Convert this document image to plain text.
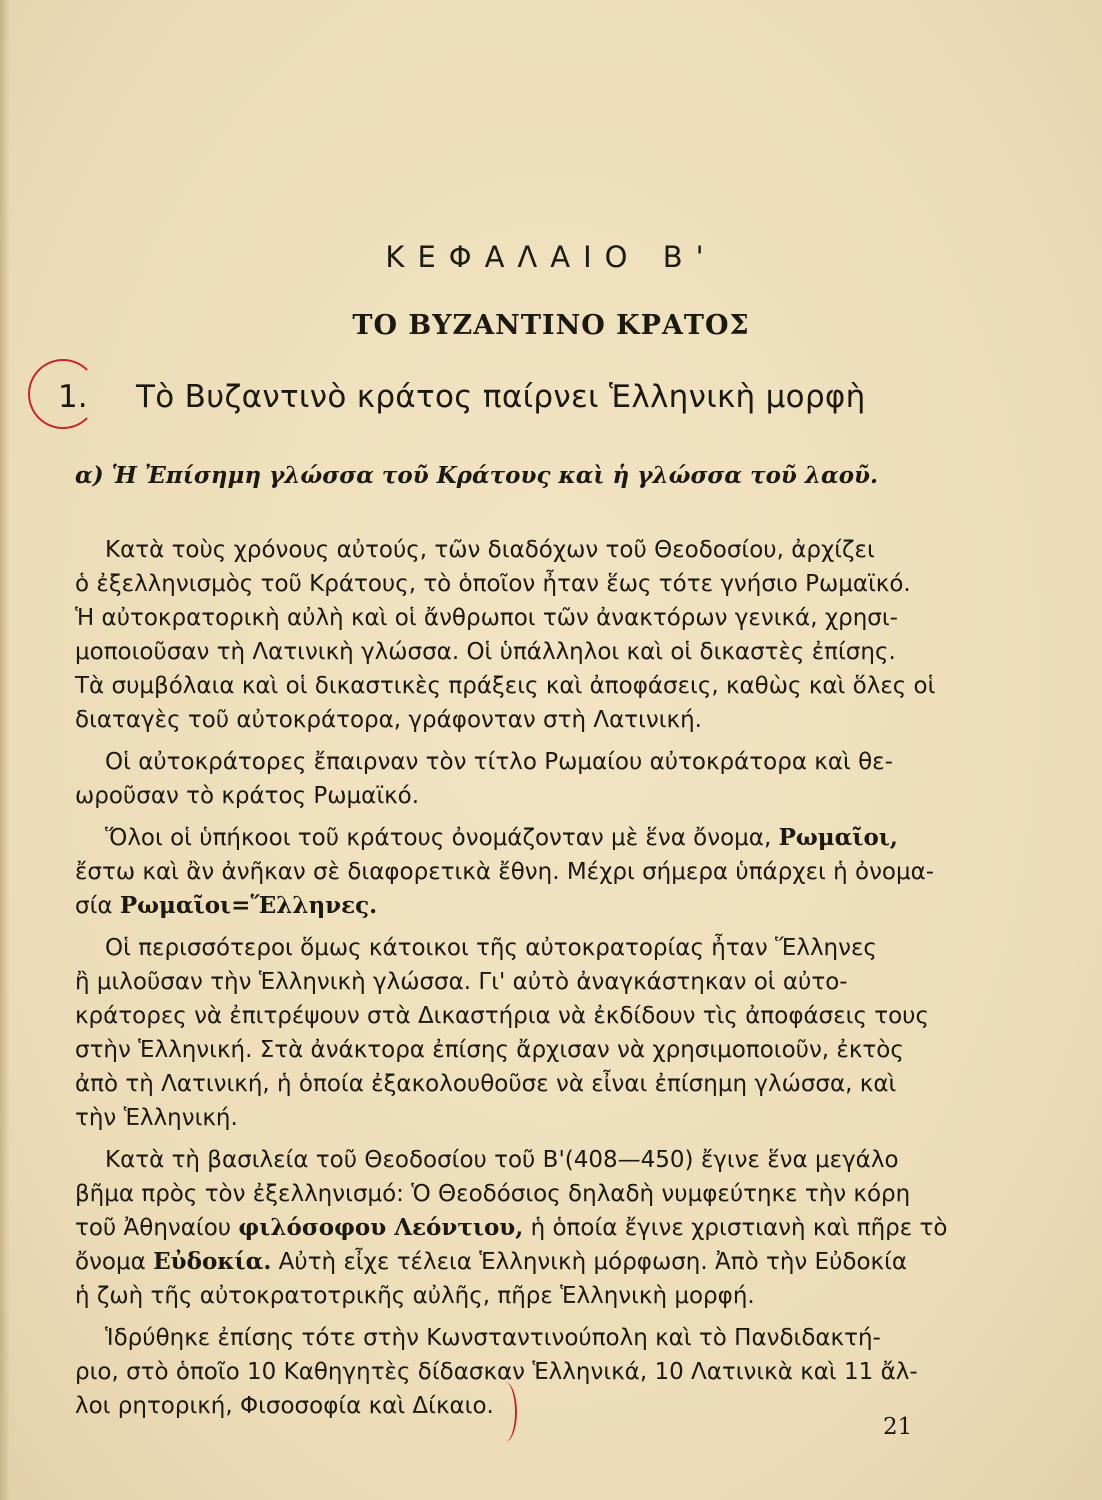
ΚΕΦΑΛΑΙΟ Β'
ΤΟ ΒΥΖΑΝΤΙΝΟ ΚΡΑΤΟΣ
1. Τὸ Βυζαντινὸ κράτος παίρνει Ἑλληνικὴ μορφὴ
α) Ἡ Ἐπίσημη γλώσσα τοῦ Κράτους καὶ ἡ γλώσσα τοῦ λαοῦ.

Κατὰ τοὺς χρόνους αὐτούς, τῶν διαδόχων τοῦ Θεοδοσίου, ἀρχίζει
ὁ ἐξελληνισμὸς τοῦ Κράτους, τὸ ὁποῖον ἦταν ἕως τότε γνήσιο Ρωμαϊκό.
Ἡ αὐτοκρατορικὴ αὐλὴ καὶ οἱ ἄνθρωποι τῶν ἀνακτόρων γενικά, χρησι-
μοποιοῦσαν τὴ Λατινικὴ γλώσσα. Οἱ ὑπάλληλοι καὶ οἱ δικαστὲς ἐπίσης.
Τὰ συμβόλαια καὶ οἱ δικαστικὲς πράξεις καὶ ἀποφάσεις, καθὼς καὶ ὅλες οἱ
διαταγὲς τοῦ αὐτοκράτορα, γράφονταν στὴ Λατινική.

Οἱ αὐτοκράτορες ἔπαιρναν τὸν τίτλο Ρωμαίου αὐτοκράτορα καὶ θε-
ωροῦσαν τὸ κράτος Ρωμαϊκό.

Ὅλοι οἱ ὑπήκοοι τοῦ κράτους ὀνομάζονταν μὲ ἕνα ὄνομα, Ρωμαῖοι,
ἔστω καὶ ἂν ἀνῆκαν σὲ διαφορετικὰ ἔθνη. Μέχρι σήμερα ὑπάρχει ἡ ὀνομα-
σία Ρωμαῖοι=Ἕλληνες.

Οἱ περισσότεροι ὅμως κάτοικοι τῆς αὐτοκρατορίας ἦταν Ἕλληνες
ἢ μιλοῦσαν τὴν Ἑλληνικὴ γλώσσα. Γι' αὐτὸ ἀναγκάστηκαν οἱ αὐτο-
κράτορες νὰ ἐπιτρέψουν στὰ Δικαστήρια νὰ ἐκδίδουν τὶς ἀποφάσεις τους
στὴν Ἑλληνική. Στὰ ἀνάκτορα ἐπίσης ἄρχισαν νὰ χρησιμοποιοῦν, ἐκτὸς
ἀπὸ τὴ Λατινική, ἡ ὁποία ἐξακολουθοῦσε νὰ εἶναι ἐπίσημη γλώσσα, καὶ
τὴν Ἑλληνική.

Κατὰ τὴ βασιλεία τοῦ Θεοδοσίου τοῦ Β'(408—450) ἔγινε ἕνα μεγάλο
βῆμα πρὸς τὸν ἐξελληνισμό: Ὁ Θεοδόσιος δηλαδὴ νυμφεύτηκε τὴν κόρη
τοῦ Ἀθηναίου φιλόσοφου Λεόντιου, ἡ ὁποία ἔγινε χριστιανὴ καὶ πῆρε τὸ
ὄνομα Εὐδοκία. Αὐτὴ εἶχε τέλεια Ἑλληνικὴ μόρφωση. Ἀπὸ τὴν Εὐδοκία
ἡ ζωὴ τῆς αὐτοκρατοτρικῆς αὐλῆς, πῆρε Ἑλληνικὴ μορφή.

Ἱδρύθηκε ἐπίσης τότε στὴν Κωνσταντινούπολη καὶ τὸ Πανδιδακτή-
ριο, στὸ ὁποῖο 10 Καθηγητὲς δίδασκαν Ἑλληνικά, 10 Λατινικὰ καὶ 11 ἄλ-
λοι ρητορική, Φισοσοφία καὶ Δίκαιο.

21
